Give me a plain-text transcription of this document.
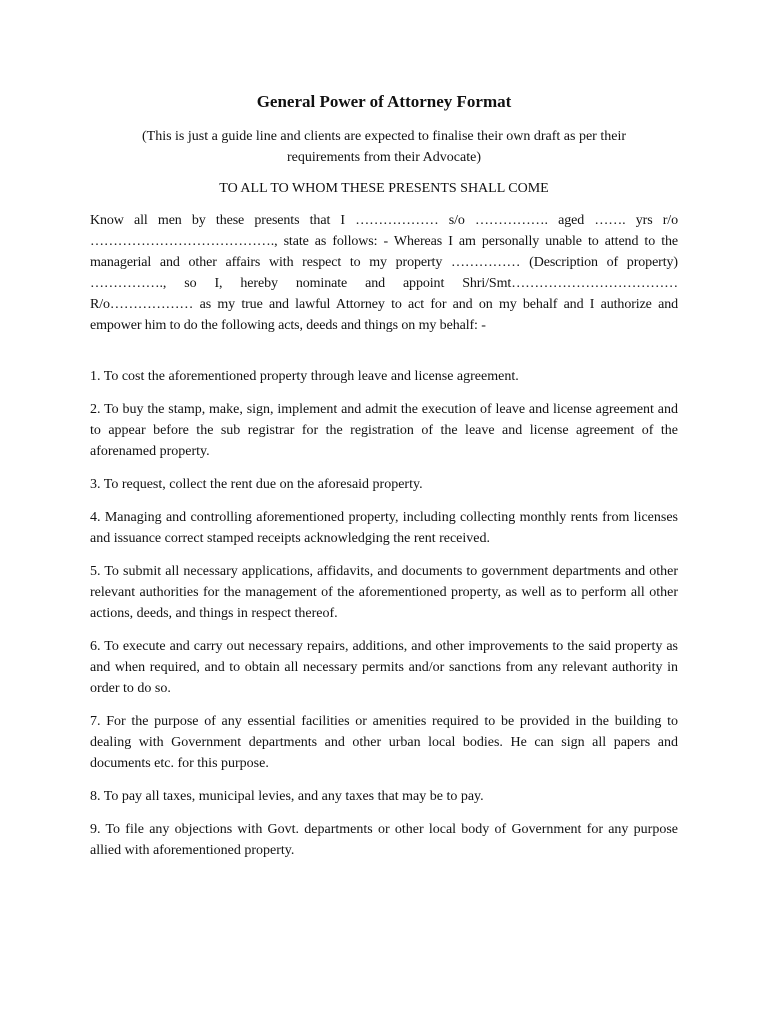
General Power of Attorney Format

(This is just a guide line and clients are expected to finalise their own draft as per their requirements from their Advocate)

TO ALL TO WHOM THESE PRESENTS SHALL COME

Know all men by these presents that I ……………… s/o ……………. aged ……. yrs r/o …………………………………., state as follows: - Whereas I am personally unable to attend to the managerial and other affairs with respect to my property …………… (Description of property) ……………., so I, hereby nominate and appoint Shri/Smt……………………………… R/o……………… as my true and lawful Attorney to act for and on my behalf and I authorize and empower him to do the following acts, deeds and things on my behalf: -

1. To cost the aforementioned property through leave and license agreement.
2. To buy the stamp, make, sign, implement and admit the execution of leave and license agreement and to appear before the sub registrar for the registration of the leave and license agreement of the aforenamed property.
3. To request, collect the rent due on the aforesaid property.
4. Managing and controlling aforementioned property, including collecting monthly rents from licenses and issuance correct stamped receipts acknowledging the rent received.
5. To submit all necessary applications, affidavits, and documents to government departments and other relevant authorities for the management of the aforementioned property, as well as to perform all other actions, deeds, and things in respect thereof.
6. To execute and carry out necessary repairs, additions, and other improvements to the said property as and when required, and to obtain all necessary permits and/or sanctions from any relevant authority in order to do so.
7. For the purpose of any essential facilities or amenities required to be provided in the building to dealing with Government departments and other urban local bodies. He can sign all papers and documents etc. for this purpose.
8. To pay all taxes, municipal levies, and any taxes that may be to pay.
9. To file any objections with Govt. departments or other local body of Government for any purpose allied with aforementioned property.
